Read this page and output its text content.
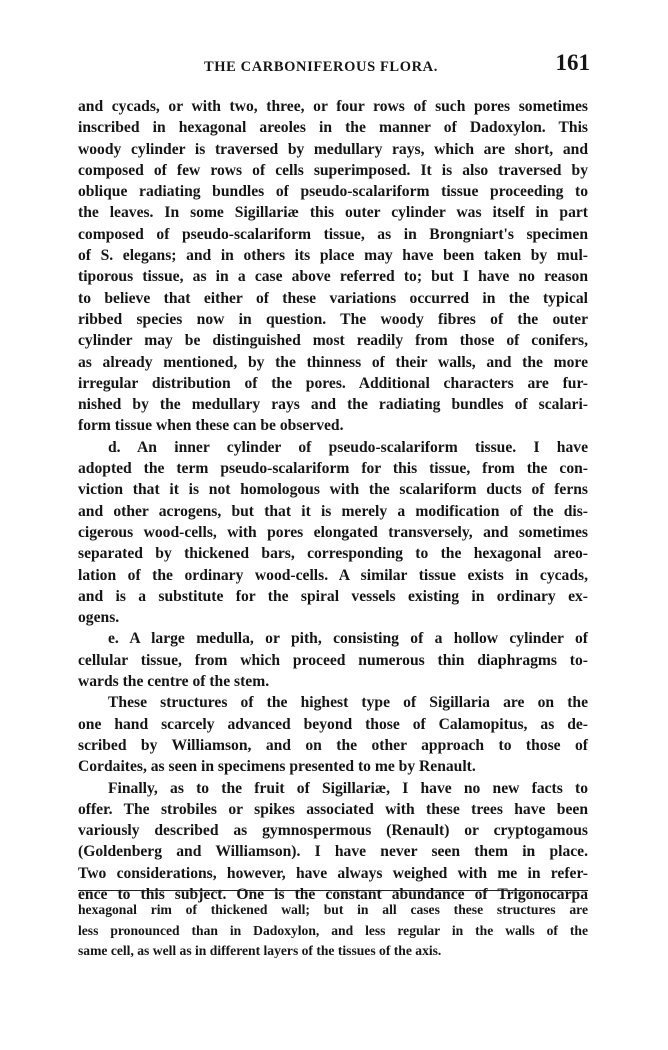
THE CARBONIFEROUS FLORA.	161
and cycads, or with two, three, or four rows of such pores sometimes
inscribed in hexagonal areoles in the manner of Dadoxylon. This
woody cylinder is traversed by medullary rays, which are short, and
composed of few rows of cells superimposed. It is also traversed by
oblique radiating bundles of pseudo-scalariform tissue proceeding to
the leaves. In some Sigillariæ this outer cylinder was itself in part
composed of pseudo-scalariform tissue, as in Brongniart's specimen
of S. elegans; and in others its place may have been taken by mul-
tiporous tissue, as in a case above referred to; but I have no reason
to believe that either of these variations occurred in the typical
ribbed species now in question. The woody fibres of the outer
cylinder may be distinguished most readily from those of conifers,
as already mentioned, by the thinness of their walls, and the more
irregular distribution of the pores. Additional characters are fur-
nished by the medullary rays and the radiating bundles of scalari-
form tissue when these can be observed.
d. An inner cylinder of pseudo-scalariform tissue. I have
adopted the term pseudo-scalariform for this tissue, from the con-
viction that it is not homologous with the scalariform ducts of ferns
and other acrogens, but that it is merely a modification of the dis-
cigerous wood-cells, with pores elongated transversely, and sometimes
separated by thickened bars, corresponding to the hexagonal areo-
lation of the ordinary wood-cells. A similar tissue exists in cycads,
and is a substitute for the spiral vessels existing in ordinary ex-
ogens.
e. A large medulla, or pith, consisting of a hollow cylinder of
cellular tissue, from which proceed numerous thin diaphragms to-
wards the centre of the stem.
These structures of the highest type of Sigillaria are on the
one hand scarcely advanced beyond those of Calamopitus, as de-
scribed by Williamson, and on the other approach to those of
Cordaites, as seen in specimens presented to me by Renault.
Finally, as to the fruit of Sigillariæ, I have no new facts to
offer. The strobiles or spikes associated with these trees have been
variously described as gymnospermous (Renault) or cryptogamous
(Goldenberg and Williamson). I have never seen them in place.
Two considerations, however, have always weighed with me in refer-
ence to this subject. One is the constant abundance of Trigonocarpa
hexagonal rim of thickened wall; but in all cases these structures are
less pronounced than in Dadoxylon, and less regular in the walls of the
same cell, as well as in different layers of the tissues of the axis.
